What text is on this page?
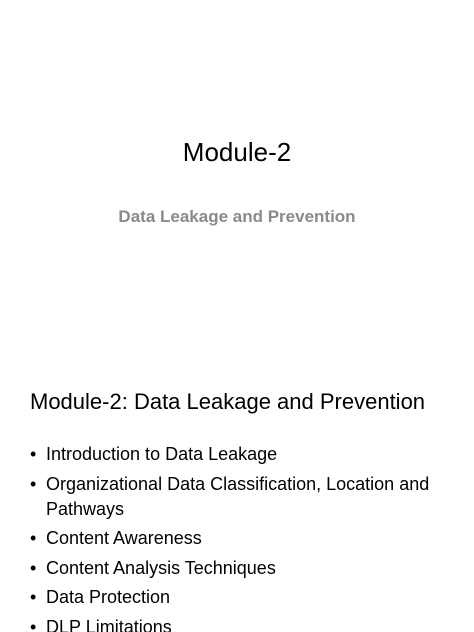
Module-2
Data Leakage and Prevention
Module-2: Data Leakage and Prevention
• Introduction to Data Leakage
• Organizational Data Classification, Location and Pathways
• Content Awareness
• Content Analysis Techniques
• Data Protection
• DLP Limitations
